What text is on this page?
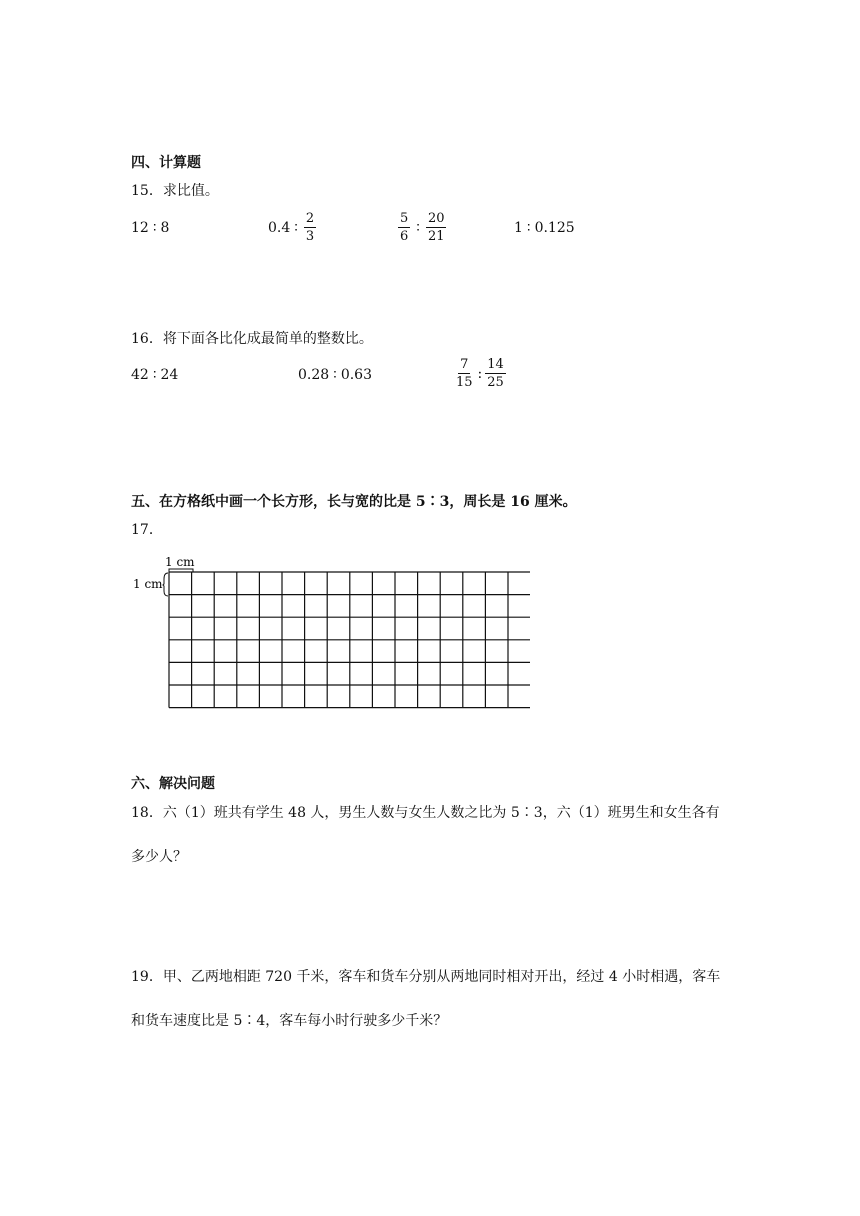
四、计算题
15．求比值。
12 ∶ 8	0.4 ∶ $\frac{2}{3}$	$\frac{5}{6}$ ∶ $\frac{20}{21}$	1 ∶ 0.125
16．将下面各比化成最简单的整数比。
42 ∶ 24	0.28 ∶ 0.63	$\frac{7}{15}$ : $\frac{14}{25}$
五、在方格纸中画一个长方形，长与宽的比是 5∶3，周长是 16 厘米。
17．
1 cm
1 cm
六、解决问题
18．六（1）班共有学生 48 人，男生人数与女生人数之比为 5∶3，六（1）班男生和女生各有多少人？
19．甲、乙两地相距 720 千米，客车和货车分别从两地同时相对开出，经过 4 小时相遇，客车和货车速度比是 5∶4，客车每小时行驶多少千米？
